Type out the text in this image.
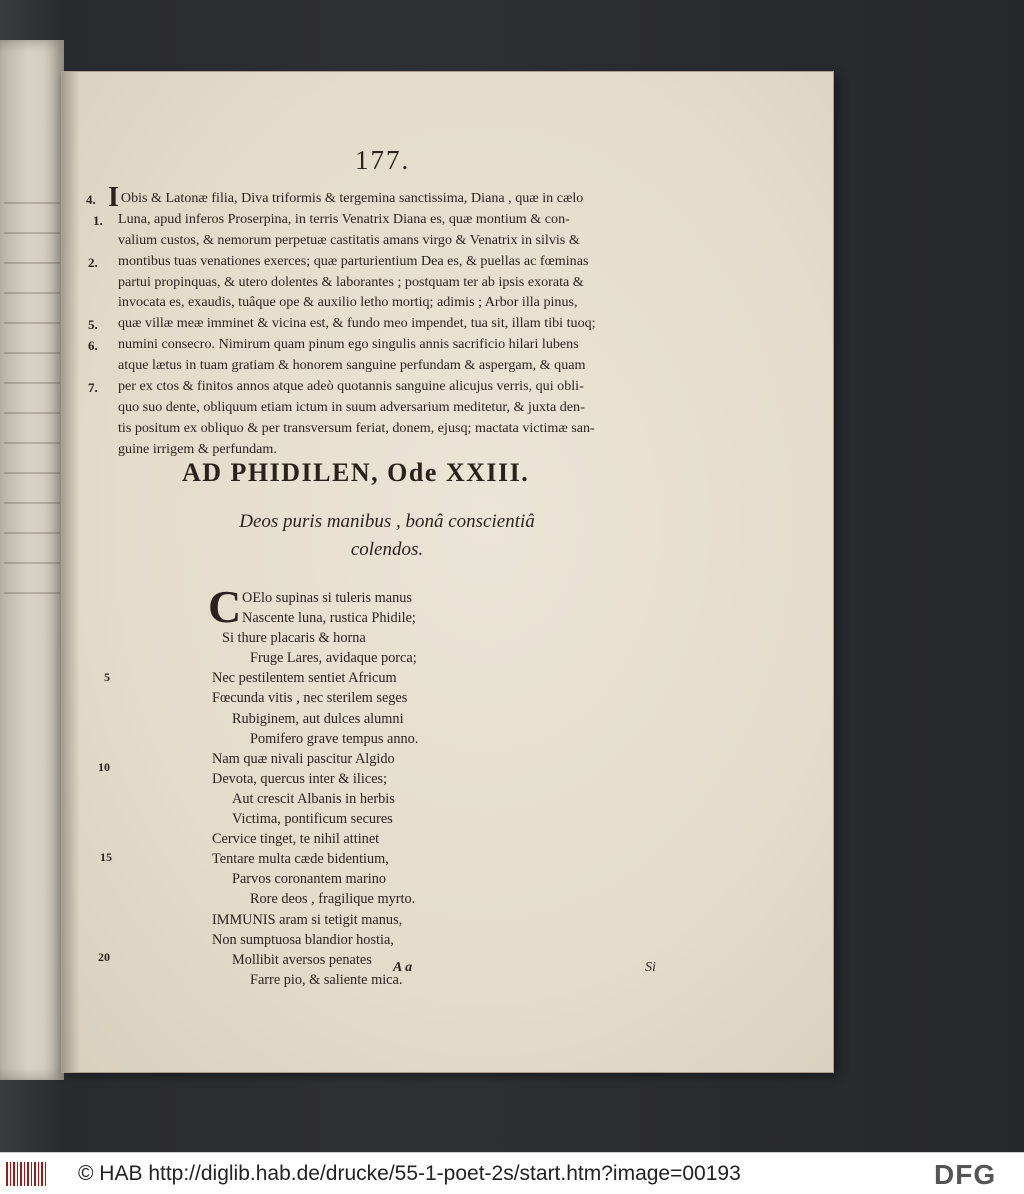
177.
4.
1.
2.
5.
6.
7.
I Obis & Latonæ filia, Diva triformis & tergemina sanctissima, Diana , quæ in cælo
Luna, apud inferos Proserpina, in terris Venatrix Diana es, quæ montium & con-
valium custos, & nemorum perpetuæ castitatis amans virgo & Venatrix in silvis &
montibus tuas venationes exerces; quæ parturientium Dea es, & puellas ac fœminas
partui propinquas, & utero dolentes & laborantes ; postquam ter ab ipsis exorata &
invocata es, exaudis, tuâque ope & auxilio letho mortiq; adimis ; Arbor illa pinus,
quæ villæ meæ imminet & vicina est, & fundo meo impendet, tua sit, illam tibi tuoq;
numini consecro. Nimirum quam pinum ego singulis annis sacrificio hilari lubens
atque lætus in tuam gratiam & honorem sanguine perfundam & aspergam, & quam
per ex ctos & finitos annos atque adeò quotannis sanguine alicujus verris, qui obli-
quo suo dente, obliquum etiam ictum in suum adversarium meditetur, & juxta den-
tis positum ex obliquo & per transversum feriat, donem, ejusq; mactata victimæ san-
guine irrigem & perfundam.
AD PHIDILEN, Ode XXIII.
Deos puris manibus , bonâ conscientiâ
colendos.
C OElo supinas si tuleris manus
Nascente luna, rustica Phidile;
Si thure placaris & horna
Fruge Lares, avidaque porca;
Nec pestilentem sentiet Africum
Fœcunda vitis , nec sterilem seges
Rubiginem, aut dulces alumni
Pomifero grave tempus anno.
Nam quæ nivali pascitur Algido
Devota, quercus inter & ilices;
Aut crescit Albanis in herbis
Victima, pontificum secures
Cervice tinget, te nihil attinet
Tentare multa cæde bidentium,
Parvos coronantem marino
Rore deos , fragilique myrto.
IMMUNIS aram si tetigit manus,
Non sumptuosa blandior hostia,
Mollibit aversos penates
Farre pio, & saliente mica.
5
10
15
20
A a	Si
© HAB http://diglib.hab.de/drucke/55-1-poet-2s/start.htm?image=00193	DFG
